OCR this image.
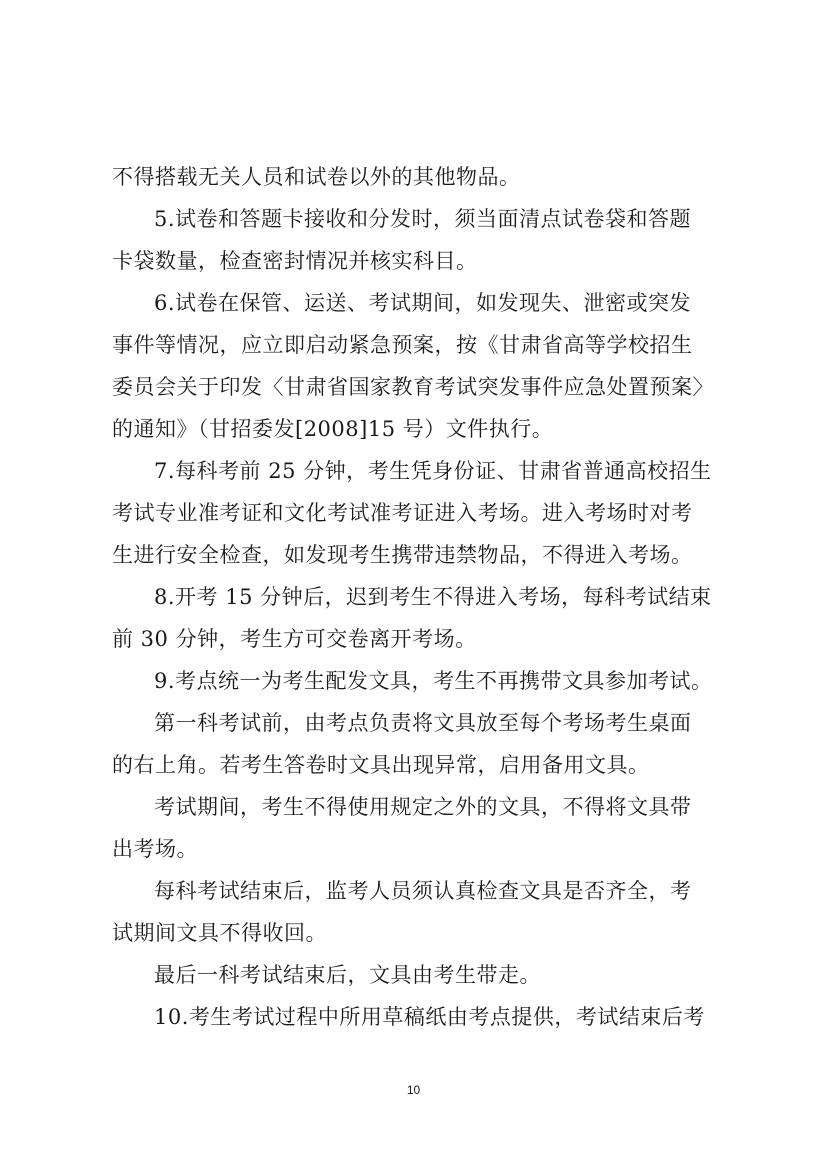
不得搭载无关人员和试卷以外的其他物品。
5.试卷和答题卡接收和分发时，须当面清点试卷袋和答题
卡袋数量，检查密封情况并核实科目。
6.试卷在保管、运送、考试期间，如发现失、泄密或突发
事件等情况，应立即启动紧急预案，按《甘肃省高等学校招生
委员会关于印发〈甘肃省国家教育考试突发事件应急处置预案〉
的通知》（甘招委发[2008]15 号）文件执行。
7.每科考前 25 分钟，考生凭身份证、甘肃省普通高校招生
考试专业准考证和文化考试准考证进入考场。进入考场时对考
生进行安全检查，如发现考生携带违禁物品，不得进入考场。
8.开考 15 分钟后，迟到考生不得进入考场，每科考试结束
前 30 分钟，考生方可交卷离开考场。
9.考点统一为考生配发文具，考生不再携带文具参加考试。
第一科考试前，由考点负责将文具放至每个考场考生桌面
的右上角。若考生答卷时文具出现异常，启用备用文具。
考试期间，考生不得使用规定之外的文具，不得将文具带
出考场。
每科考试结束后，监考人员须认真检查文具是否齐全，考
试期间文具不得收回。
最后一科考试结束后，文具由考生带走。
10.考生考试过程中所用草稿纸由考点提供，考试结束后考
10
